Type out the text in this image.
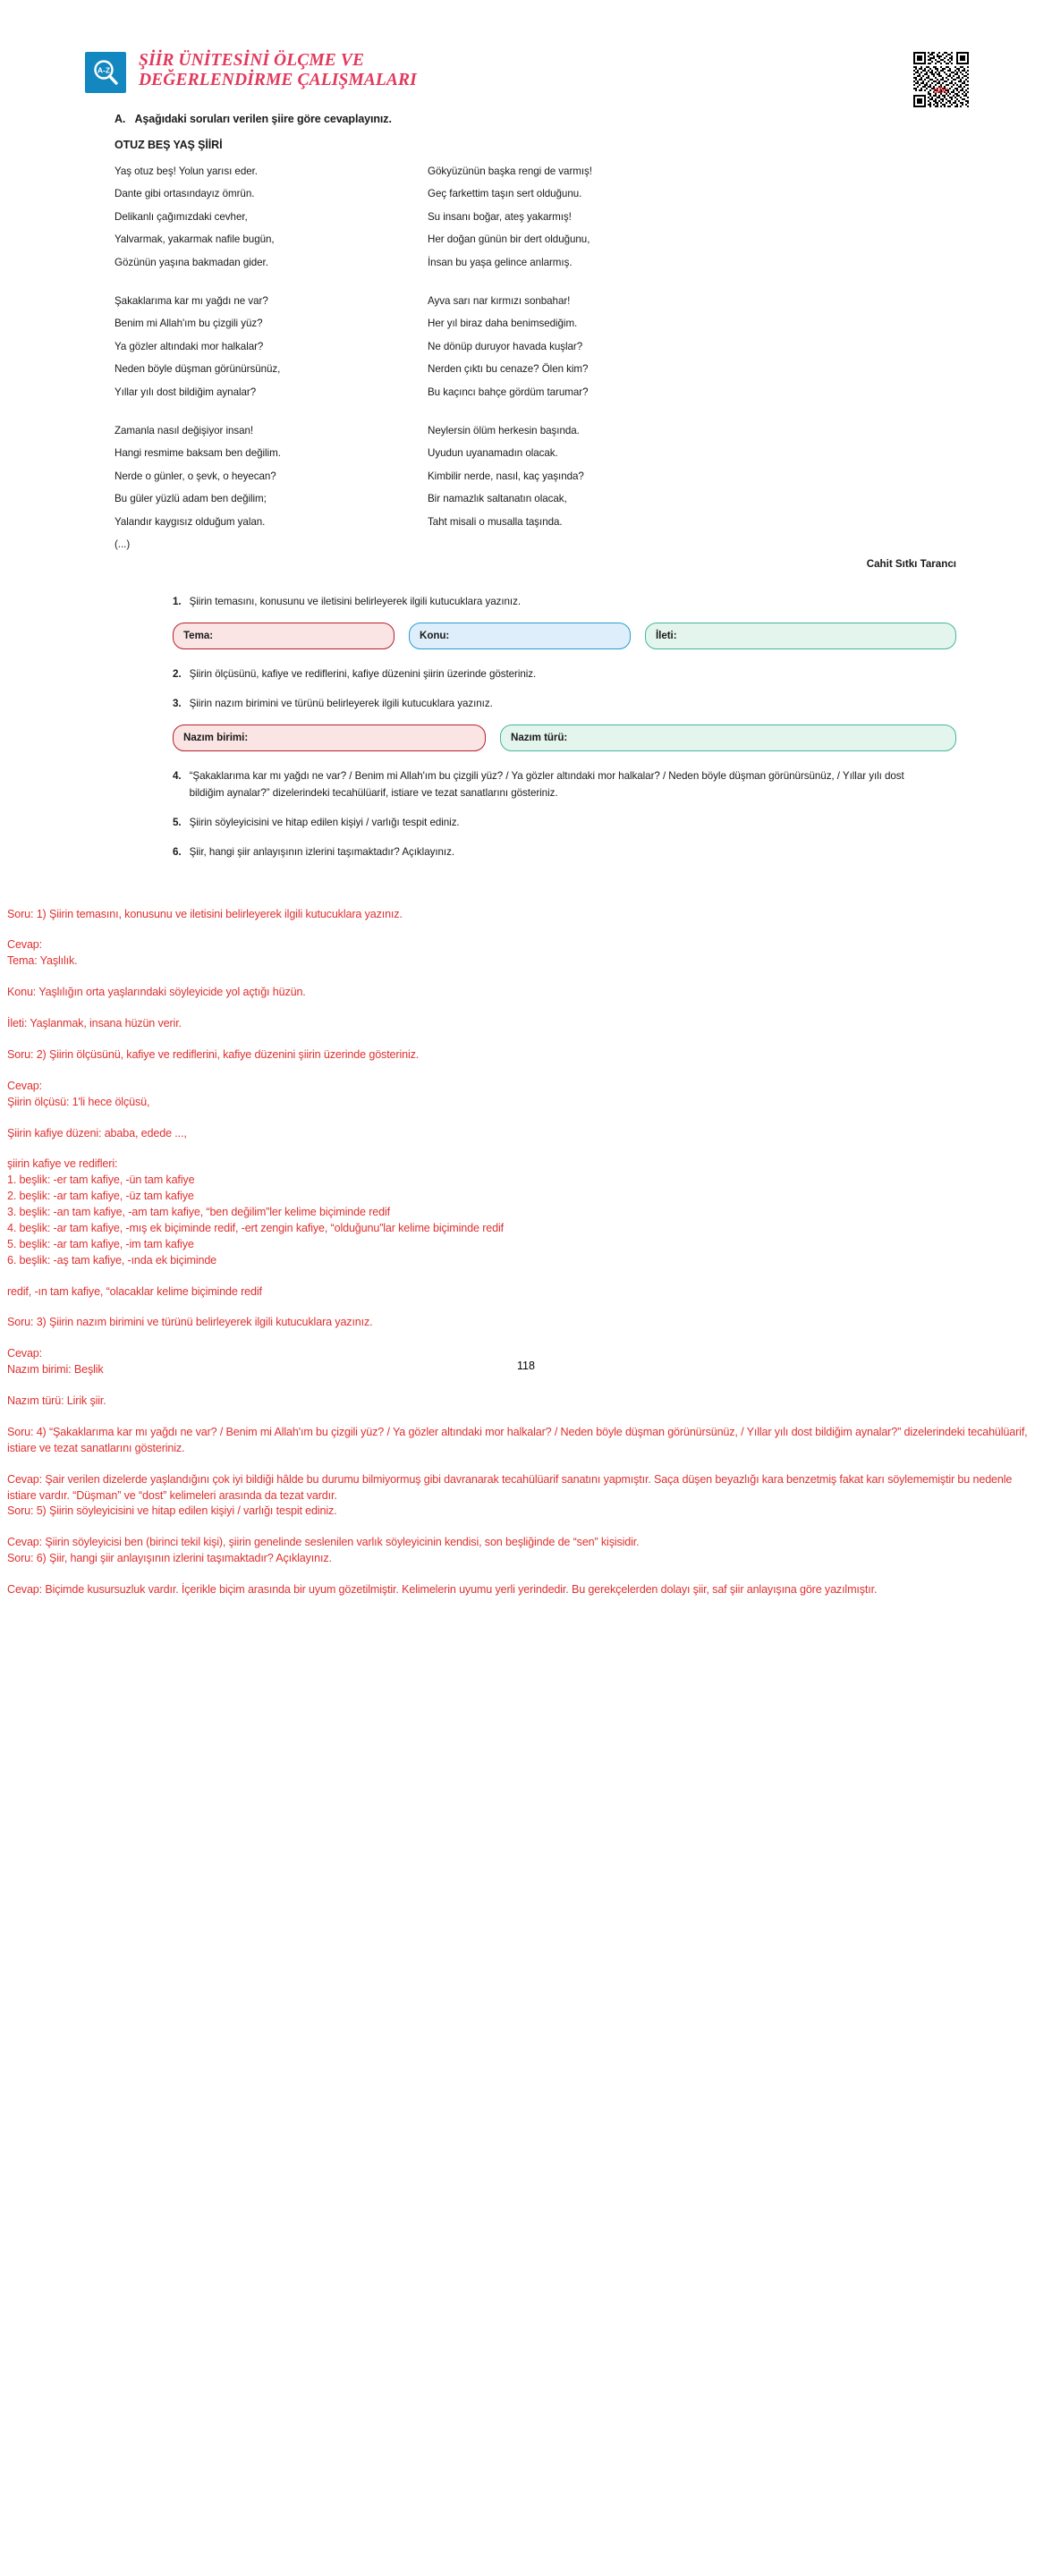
A-Z
ŞİİR ÜNİTESİNİ ÖLÇME VE
DEĞERLENDİRME ÇALIŞMALARI	abc
A. Aşağıdaki soruları verilen şiire göre cevaplayınız.
OTUZ BEŞ YAŞ ŞİİRİ
Yaş otuz beş! Yolun yarısı eder.
Dante gibi ortasındayız ömrün.
Delikanlı çağımızdaki cevher,
Yalvarmak, yakarmak nafile bugün,
Gözünün yaşına bakmadan gider.
Gökyüzünün başka rengi de varmış!
Geç farkettim taşın sert olduğunu.
Su insanı boğar, ateş yakarmış!
Her doğan günün bir dert olduğunu,
İnsan bu yaşa gelince anlarmış.
Şakaklarıma kar mı yağdı ne var?
Benim mi Allah'ım bu çizgili yüz?
Ya gözler altındaki mor halkalar?
Neden böyle düşman görünürsünüz,
Yıllar yılı dost bildiğim aynalar?
Ayva sarı nar kırmızı sonbahar!
Her yıl biraz daha benimsediğim.
Ne dönüp duruyor havada kuşlar?
Nerden çıktı bu cenaze? Ölen kim?
Bu kaçıncı bahçe gördüm tarumar?
Zamanla nasıl değişiyor insan!
Hangi resmime baksam ben değilim.
Nerde o günler, o şevk, o heyecan?
Bu güler yüzlü adam ben değilim;
Yalandır kaygısız olduğum yalan.
(...)
Neylersin ölüm herkesin başında.
Uyudun uyanamadın olacak.
Kimbilir nerde, nasıl, kaç yaşında?
Bir namazlık saltanatın olacak,
Taht misali o musalla taşında.
Cahit Sıtkı Tarancı
1. Şiirin temasını, konusunu ve iletisini belirleyerek ilgili kutucuklara yazınız.
Tema:	Konu:	İleti:
2. Şiirin ölçüsünü, kafiye ve rediflerini, kafiye düzenini şiirin üzerinde gösteriniz.
3. Şiirin nazım birimini ve türünü belirleyerek ilgili kutucuklara yazınız.
Nazım birimi:	Nazım türü:
4. “Şakaklarıma kar mı yağdı ne var? / Benim mi Allah'ım bu çizgili yüz? / Ya gözler altındaki mor halkalar? / Neden böyle düşman görünürsünüz, / Yıllar yılı dost bildiğim aynalar?” dizelerindeki tecahülüarif, istiare ve tezat sanatlarını gösteriniz.
5. Şiirin söyleyicisini ve hitap edilen kişiyi / varlığı tespit ediniz.
6. Şiir, hangi şiir anlayışının izlerini taşımaktadır? Açıklayınız.
118

Soru: 1) Şiirin temasını, konusunu ve iletisini belirleyerek ilgili kutucuklara yazınız.

Cevap:

Tema: Yaşlılık.

Konu: Yaşlılığın orta yaşlarındaki söyleyicide yol açtığı hüzün.

İleti: Yaşlanmak, insana hüzün verir.

Soru: 2) Şiirin ölçüsünü, kafiye ve rediflerini, kafiye düzenini şiirin üzerinde gösteriniz.

Cevap:

Şiirin ölçüsü: 1'li hece ölçüsü,

Şiirin kafiye düzeni: ababa, edede ...,

şiirin kafiye ve redifleri:

1. beşlik: -er tam kafiye, -ün tam kafiye

2. beşlik: -ar tam kafiye, -üz tam kafiye

3. beşlik: -an tam kafiye, -am tam kafiye, “ben değilim”ler kelime biçiminde redif

4. beşlik: -ar tam kafiye, -mış ek biçiminde redif, -ert zengin kafiye, “olduğunu”lar kelime biçiminde redif

5. beşlik: -ar tam kafiye, -im tam kafiye

6. beşlik: -aş tam kafiye, -ında ek biçiminde

redif, -ın tam kafiye, “olacaklar kelime biçiminde redif

Soru: 3) Şiirin nazım birimini ve türünü belirleyerek ilgili kutucuklara yazınız.

Cevap:

Nazım birimi: Beşlik

Nazım türü: Lirik şiir.

Soru: 4) “Şakaklarıma kar mı yağdı ne var? / Benim mi Allah'ım bu çizgili yüz? / Ya gözler altındaki mor halkalar? / Neden böyle düşman görünürsünüz, / Yıllar yılı dost bildiğim aynalar?” dizelerindeki tecahülüarif, istiare ve tezat sanatlarını gösteriniz.

Cevap: Şair verilen dizelerde yaşlandığını çok iyi bildiği hâlde bu durumu bilmiyormuş gibi davranarak tecahülüarif sanatını yapmıştır. Saça düşen beyazlığı kara benzetmiş fakat karı söylememiştir bu nedenle istiare vardır. “Düşman” ve “dost” kelimeleri arasında da tezat vardır.

Soru: 5) Şiirin söyleyicisini ve hitap edilen kişiyi / varlığı tespit ediniz.

Cevap: Şiirin söyleyicisi ben (birinci tekil kişi), şiirin genelinde seslenilen varlık söyleyicinin kendisi, son beşliğinde de “sen” kişisidir.

Soru: 6) Şiir, hangi şiir anlayışının izlerini taşımaktadır? Açıklayınız.

Cevap: Biçimde kusursuzluk vardır. İçerikle biçim arasında bir uyum gözetilmiştir. Kelimelerin uyumu yerli yerindedir. Bu gerekçelerden dolayı şiir, saf şiir anlayışına göre yazılmıştır.
